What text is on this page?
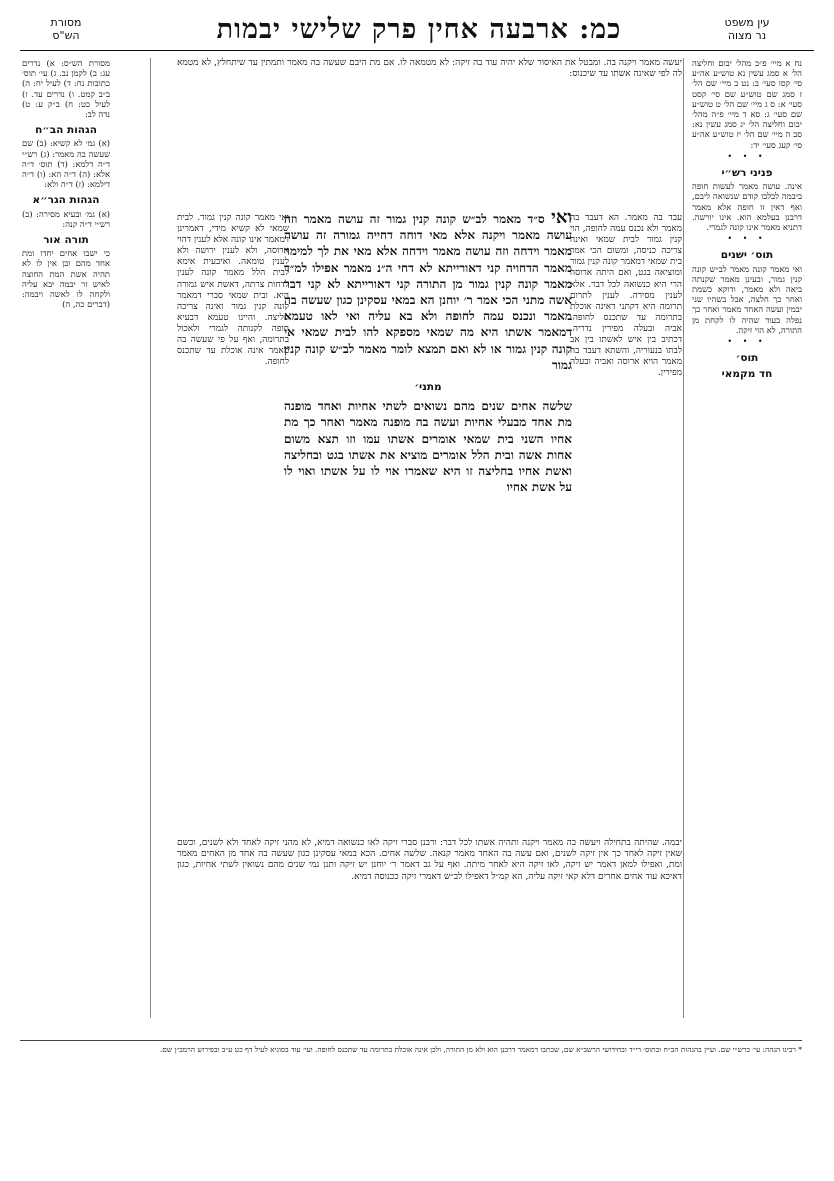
עין משפט
נר מצוה
כמ: ארבעה אחין פרק שלישי יבמות
מסורת
הש"ס
נח א מיי׳ פ״ב מהל׳ יבום וחליצה הל׳ א סמג עשין נא טוש״ע אה״ע סי׳ קסו סעי׳ ב: נט ב מיי׳ שם הל׳ ז סמג שם טוש״ע שם סי׳ קסט סעי׳ א: ס ג מיי׳ שם הל׳ ט טוש״ע שם סעי׳ ג: סא ד מיי׳ פ״ה מהל׳ יבום וחליצה הל׳ יג סמג עשין נא: סב ה מיי׳ שם הל׳ יז טוש״ע אה״ע סי׳ קעג סעי׳ יד:
• • •
פניני רש״י
אינה. עושה מאמר לעשות חופה ביבמה לבלבו קודם שנשואה ליבם, ואף דאין זו חופה אלא מאמר דרבנן בעלמא הוא. אינו יורשה. דתניא מאמר אינו קונה לגמרי.
• • •
תוס׳ ישנים
ואי מאמר קונה מאמר לב״ש קונה קנין גמור, ובעינן מאמר שקנתה ביאה ולא מאמר, ודוקא כשמת ואחר כך חלצה, אבל בשהיו שני יבמין ועשה האחד מאמר ואחר כך נפלה בעוד שהיה לו לקחת מן התורה, לא הוי זיקה.
• • •
תוס׳
חד מקמאי
מסורת הש״ס: א) נדרים עג: ב) לקמן נב. ג) עי׳ תוס׳ כתובות נח: ד) לעיל יח: ה) ב״ב קמט. ו) נדרים עד. ז) לעיל כט: ח) ב״ק ע: ט) נדה לב:
הגהות הב״ח
(א) גמ׳ לא קשיא: (ב) שם שעשה בה מאמר: (ג) רש״י ד״ה דלמא: (ד) תוס׳ ד״ה אלא: (ה) ד״ה הא: (ו) ד״ה דילמא: (ז) ד״ה ולא:
הגהות הגר״א
(א) גמ׳ ובעיא מסירה: (ב) רש״י ד״ה קנה:
תורה אור
כי ישבו אחים יחדו ומת אחד מהם ובן אין לו לא תהיה אשת המת החוצה לאיש זר יבמה יבא עליה ולקחה לו לאשה ויבמה: (דברים כה, ה)
יעשה מאמר ויקנה בה. ומבטל את האיסור שלא יהיה עוד בה זיקה: לא מטמאה לו. אם מת היבם שעשה בה מאמר ותמתין עד שיתחלץ, לא מטמא לה לפי שאינה אשתו עד שיכנוס:
עבד בה מאמר. הא דעבד בה מאמר ולא נכנס עמה לחופה, הוי קנין גמור לבית שמאי ואינה צריכה כניסה, ומשום הכי אמר בית שמאי דמאמר קונה קנין גמור ומוציאה בגט, ואם היתה ארוסה הרי היא כנשואה לכל דבר. אלא לענין מסירה. לענין לתרום תרומה היא דקתני דאינה אוכלת בתרומה עד שתכנס לחופה. אביה ובעלה מפירין נדריה. דכתיב בין איש לאשתו בין אב לבתו בנעוריה, והשתא דעבד בה מאמר הויא ארוסה ואביה ובעלה מפירין.
ואי מאמר קונה קנין גמור. לבית שמאי לא קשיא מידי, דאמרינן דמאמר אינו קונה אלא לענין דהוי ארוסה, ולא לענין ירושה ולא לענין טומאה. ואיבעית אימא לבית הלל מאמר קונה לענין לדחות צרתה, דאשת איש גמורה היא. ובית שמאי סברי דמאמר קונה קנין גמור ואינה צריכה חליצה. והיינו טעמא דבעיא חופה לקנותה לגמרי ולאכול בתרומה, ואף על פי שעשה בה מאמר אינה אוכלת עד שתכנס לחופה.
ואי ס״ד מאמר לב״ש קונה קנין גמור זה עושה מאמר וזה עושה מאמר ויקנה אלא מאי דוחה דחייה גמורה זה עושה מאמר וידחה וזה עושה מאמר וידחה אלא מאי את לך למימר מאמר הדחויה קני דאורייתא לא דחי ה״נ מאמר אפילו למ״ד מאמר קונה קנין גמור מן התורה קני דאורייתא לא קני דבר אשה מתני הכי אמר ר׳ יוחנן הא במאי עסקינן כגון שעשה בה מאמר ונכנס עמה לחופה ולא בא עליה ואי לאו טעמא דמאמר אשתו היא מה שמאי מספקא להו לבית שמאי אי קונה קנין גמור או לא ואם תמצא לומר מאמר לב״ש קונה קנין גמור
מתני׳
שלשה אחים שנים מהם נשואים לשתי אחיות ואחד מופנה מת אחד מבעלי אחיות ועשה בה מופנה מאמר ואחר כך מת אחיו השני בית שמאי אומרים אשתו עמו וזו תצא משום אחות אשה ובית הלל אומרים מוציא את אשתו בגט ובחליצה ואשת אחיו בחליצה זו היא שאמרו אוי לו על אשתו ואוי לו על אשת אחיו
יבמה. שהיתה בתחילה ויעשה בה מאמר ויקנה ותהיה אשתו לכל דבר: ורבנן סברי זיקה לאו כנשואה דמיא, לא מהני זיקה לאחד ולא לשנים, וכשם שאין זיקה לאחד כך אין זיקה לשנים, ואם עשה בה האחד מאמר קנאה. שלשה אחים. הכא במאי עסקינן כגון שעשה בה אחד מן האחים מאמר ומת, ואפילו למאן דאמר יש זיקה, לאו זיקה היא לאחר מיתה. ואף על גב דאמר ר׳ יוחנן יש זיקה ותנן נמי שנים מהם נשואין לשתי אחיות, כגון דאיכא עוד אחים אחרים דלא קאי זיקה עליה, הא קמ״ל דאפילו לב״ש דאמרי זיקה ככנוסה דמיא.
* רבינו הגהה: עי׳ ברש״י שם. ועיין בהגהות הב״ח ובתוס׳ רי״ד ובחידושי הרשב״א שם, שכתבו דמאמר דרבנן הוא ולא מן התורה, ולכן אינה אוכלת בתרומה עד שתכנס לחופה. ועי׳ עוד בסוגיא לעיל דף כט ע״ב ובפירוש הרמב״ן שם.
